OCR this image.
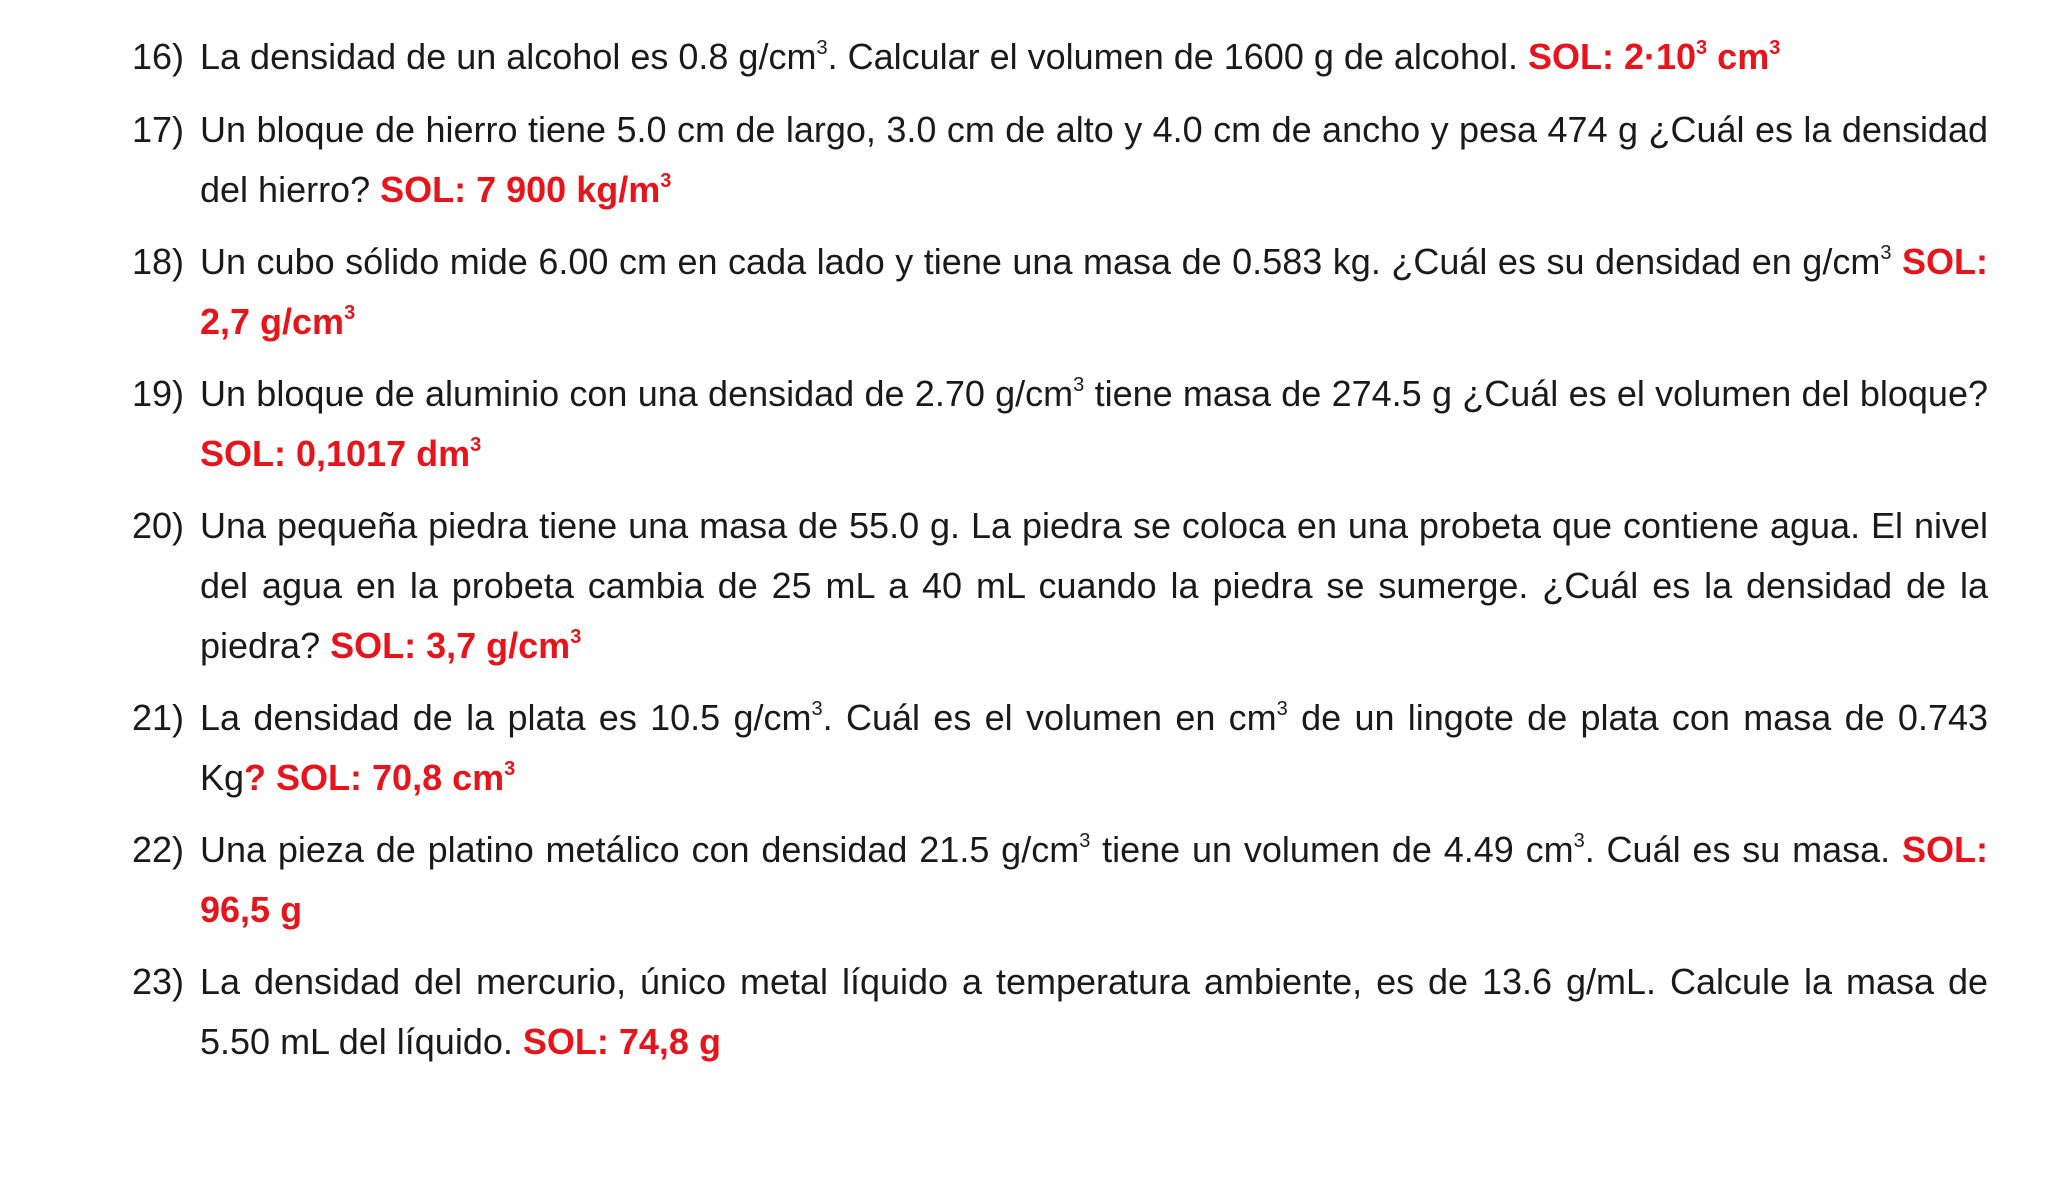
16) La densidad de un alcohol es 0.8 $g/cm^3$. Calcular el volumen de 1600 g de alcohol. SOL: $2\cdot 10^3$ $cm^3$
17) Un bloque de hierro tiene 5.0 cm de largo, 3.0 cm de alto y 4.0 cm de ancho y pesa 474 g ¿Cuál es la densidad del hierro? SOL: 7 900 $kg/m^3$
18) Un cubo sólido mide 6.00 cm en cada lado y tiene una masa de 0.583 kg. ¿Cuál es su densidad en $g/cm^3$ SOL: 2,7 $g/cm^3$
19) Un bloque de aluminio con una densidad de 2.70 $g/cm^3$ tiene masa de 274.5 g ¿Cuál es el volumen del bloque? SOL: 0,1017 $dm^3$
20) Una pequeña piedra tiene una masa de 55.0 g. La piedra se coloca en una probeta que contiene agua. El nivel del agua en la probeta cambia de 25 mL a 40 mL cuando la piedra se sumerge. ¿Cuál es la densidad de la piedra? SOL: 3,7 $g/cm^3$
21) La densidad de la plata es 10.5 $g/cm^3$. Cuál es el volumen en $cm^3$ de un lingote de plata con masa de 0.743 Kg? SOL: 70,8 $cm^3$
22) Una pieza de platino metálico con densidad 21.5 $g/cm^3$ tiene un volumen de 4.49 $cm^3$. Cuál es su masa. SOL: 96,5 g
23) La densidad del mercurio, único metal líquido a temperatura ambiente, es de 13.6 g/mL. Calcule la masa de 5.50 mL del líquido. SOL: 74,8 g
